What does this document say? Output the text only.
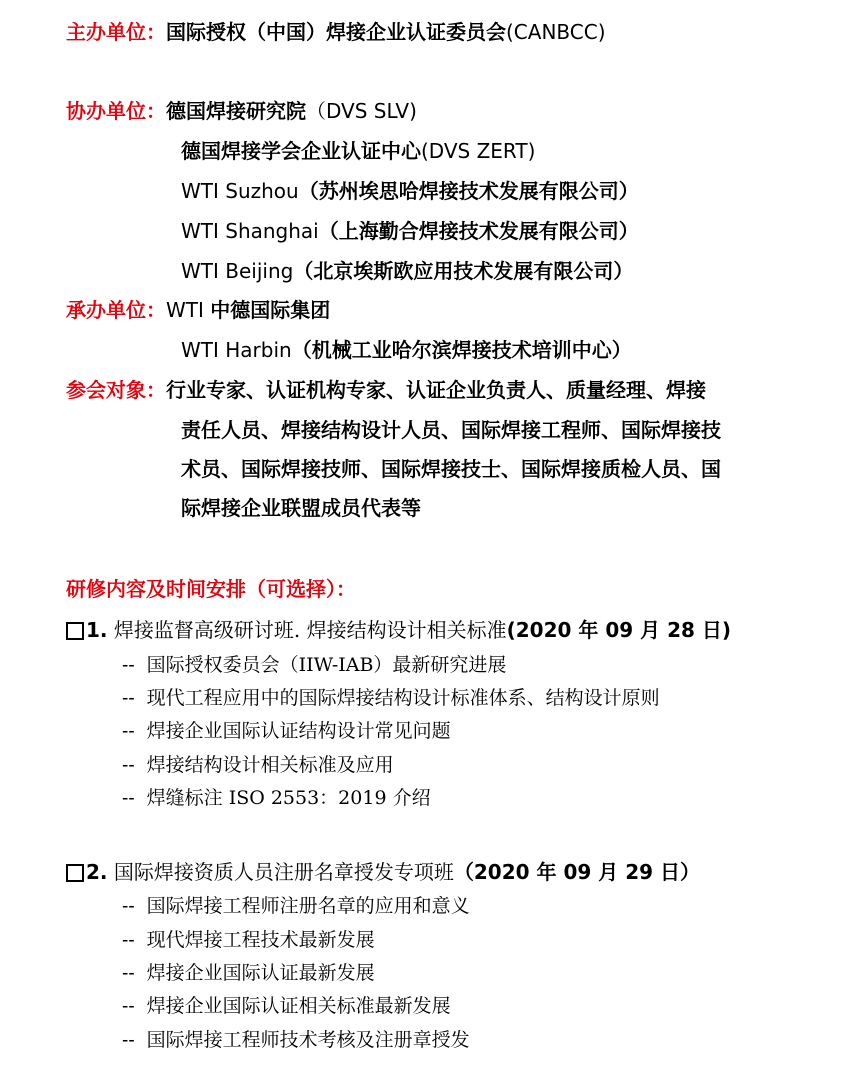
主办单位：国际授权（中国）焊接企业认证委员会(CANBCC)
协办单位：德国焊接研究院（DVS SLV)
德国焊接学会企业认证中心(DVS ZERT)
WTI Suzhou（苏州埃思哈焊接技术发展有限公司）
WTI Shanghai（上海勤合焊接技术发展有限公司）
WTI Beijing（北京埃斯欧应用技术发展有限公司）
承办单位：WTI 中德国际集团
WTI Harbin（机械工业哈尔滨焊接技术培训中心）
参会对象：行业专家、认证机构专家、认证企业负责人、质量经理、焊接
责任人员、焊接结构设计人员、国际焊接工程师、国际焊接技
术员、国际焊接技师、国际焊接技士、国际焊接质检人员、国
际焊接企业联盟成员代表等
研修内容及时间安排（可选择）：
1. 焊接监督高级研讨班. 焊接结构设计相关标准(2020 年 09 月 28 日)
-- 国际授权委员会（IIW-IAB）最新研究进展
-- 现代工程应用中的国际焊接结构设计标准体系、结构设计原则
-- 焊接企业国际认证结构设计常见问题
-- 焊接结构设计相关标准及应用
-- 焊缝标注 ISO 2553：2019 介绍
2. 国际焊接资质人员注册名章授发专项班（2020 年 09 月 29 日）
-- 国际焊接工程师注册名章的应用和意义
-- 现代焊接工程技术最新发展
-- 焊接企业国际认证最新发展
-- 焊接企业国际认证相关标准最新发展
-- 国际焊接工程师技术考核及注册章授发
